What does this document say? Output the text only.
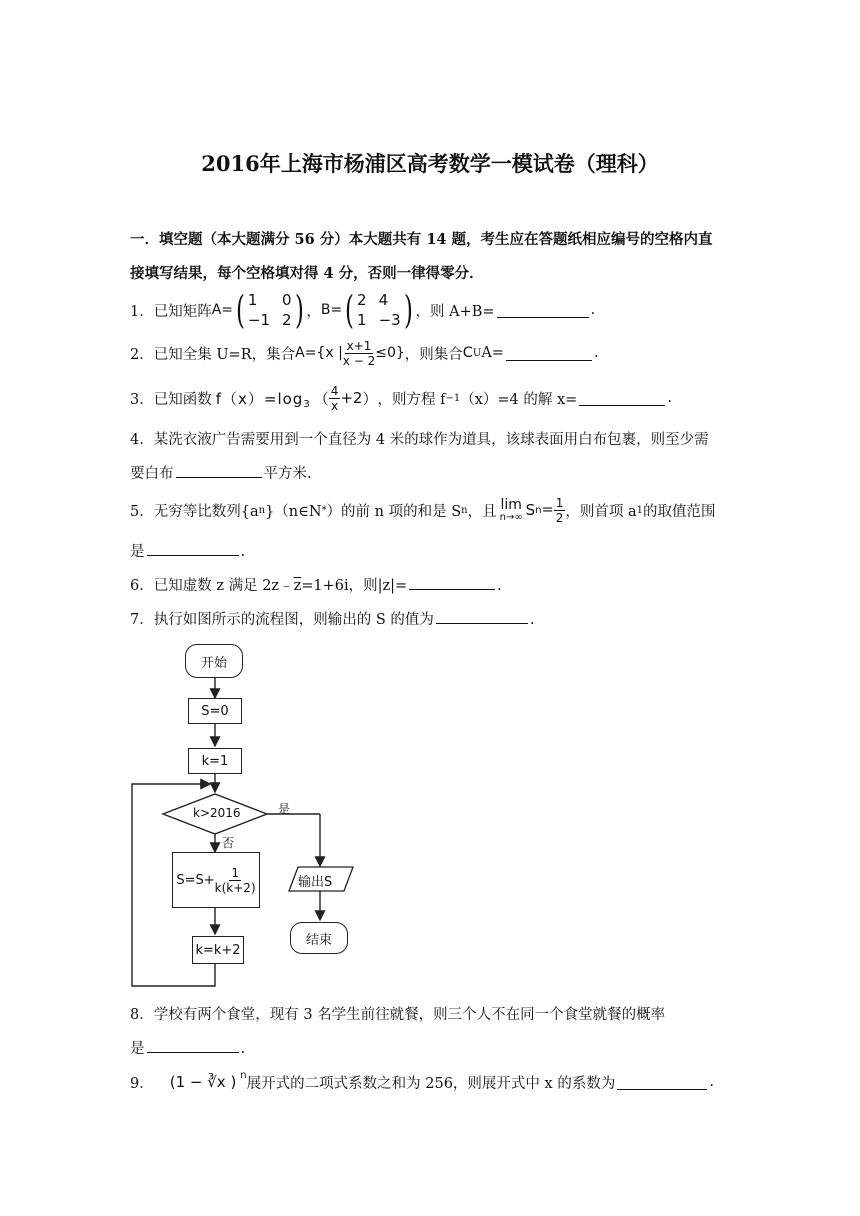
2016年上海市杨浦区高考数学一模试卷（理科）
一．填空题（本大题满分 56 分）本大题共有 14 题，考生应在答题纸相应编号的空格内直
接填写结果，每个空格填对得 4 分，否则一律得零分．
1．已知矩阵 A= ( 1	0
−1 2 ) ， B= ( 2 4
1 −3 ) ，则 A+B=	.
2．已知全集 U=R，集合 A={x | $\frac{x+1}{x - 2} \le 0$} ，则集合 C U A=	.
3．已知函数 $f(x)=\log_3$ （ $\frac{4}{x} +2$ ） ，则方程 f −1 （x）=4 的解 x=	.
4．某洗衣液广告需要用到一个直径为 4 米的球作为道具，该球表面用白布包裹，则至少需
要白布	平方米.
5．无穷等比数列{a n }（n∈N * ）的前 n 项的和是 S n ，且 lim
n→∞ S $n = \frac{1}{2}$ ，则首项 a 1 的取值范围
是	.
6．已知虚数 z 满足 $2z﹣\overline{z}=1+6i$，则|z|=	.
7．执行如图所示的流程图，则输出的 S 的值为	.
开始
S=0
k=1
k>2016	是
否
$S=S+ \frac{1}{k(k+2)}$	输出S
k=k+2
结束
8．学校有两个食堂，现有 3 名学生前往就餐，则三个人不在同一个食堂就餐的概率
是	.
9． (1 − ∛x ) $^n$
展开式的二项式系数之和为 256，则展开式中 x 的系数为	.
